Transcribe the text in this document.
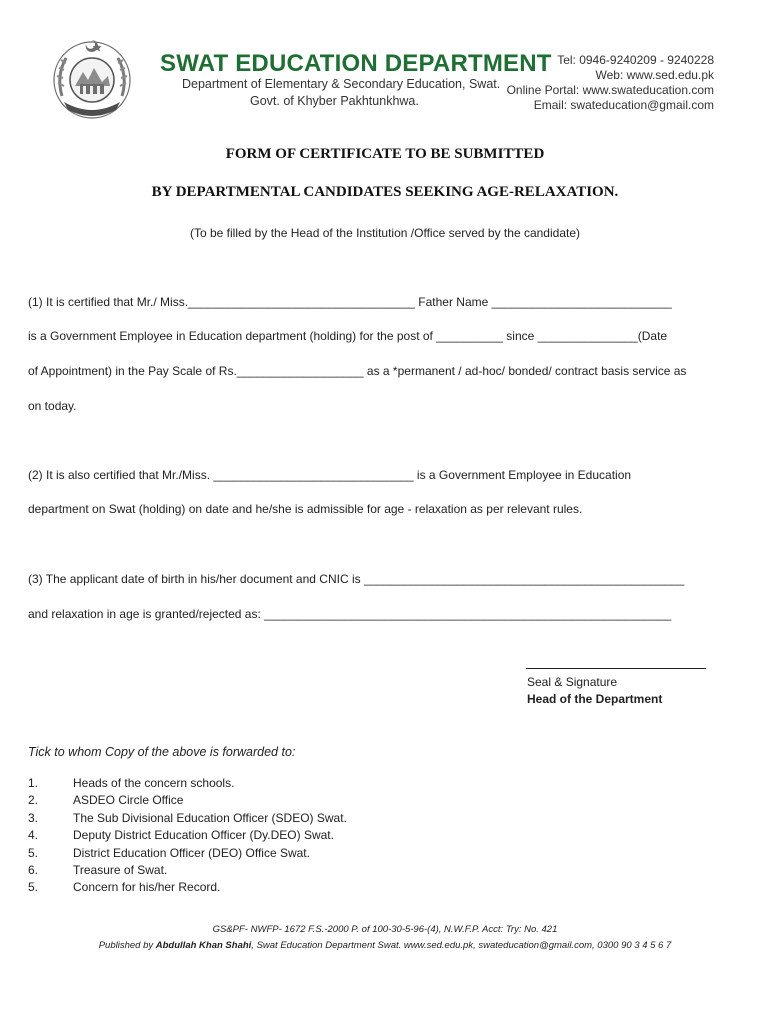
SWAT EDUCATION DEPARTMENT
Department of Elementary & Secondary Education, Swat.
Govt. of Khyber Pakhtunkhwa.
Tel: 0946-9240209 - 9240228
Web: www.sed.edu.pk
Online Portal: www.swateducation.com
Email: swateducation@gmail.com
FORM OF CERTIFICATE TO BE SUBMITTED
BY DEPARTMENTAL CANDIDATES SEEKING AGE-RELAXATION.
(To be filled by the Head of the Institution /Office served by the candidate)
(1) It is certified that Mr./ Miss.__________________________________ Father Name ___________________________
is a Government Employee in Education department (holding) for the post of __________ since _______________(Date
of Appointment) in the Pay Scale of Rs.___________________ as a *permanent / ad-hoc/ bonded/ contract basis service as
on today.
(2) It is also certified that Mr./Miss. ______________________________ is a Government Employee in Education
department on Swat (holding) on date and he/she is admissible for age - relaxation as per relevant rules.
(3) The applicant date of birth in his/her document and CNIC is ________________________________________________
and relaxation in age is granted/rejected as: _____________________________________________________________
Seal & Signature
Head of the Department
Tick to whom Copy of the above is forwarded to:
1.	Heads of the concern schools.
2.	ASDEO Circle Office
3.	The Sub Divisional Education Officer (SDEO) Swat.
4.	Deputy District Education Officer (Dy.DEO) Swat.
5.	District Education Officer (DEO) Office Swat.
6.	Treasure of Swat.
5.	Concern for his/her Record.
GS&PF- NWFP- 1672 F.S.-2000 P. of 100-30-5-96-(4), N.W.F.P. Acct: Try: No. 421
Published by Abdullah Khan Shahi, Swat Education Department Swat. www.sed.edu.pk, swateducation@gmail.com, 0300 90 3 4 5 6 7
